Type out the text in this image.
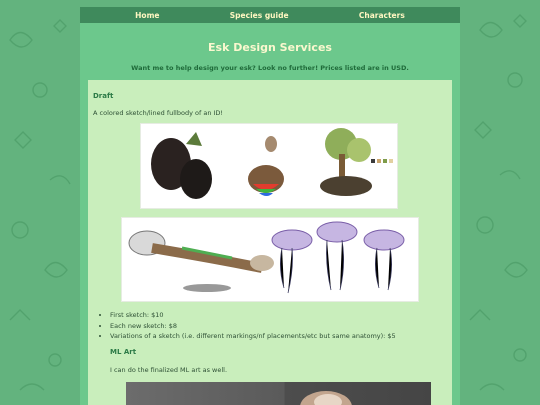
Home	Species guide	Characters
Esk Design Services
Want me to help design your esk? Look no further! Prices listed are in USD.
Draft
A colored sketch/lined fullbody of an ID!
• First sketch: $10
• Each new sketch: $8
• Variations of a sketch (i.e. different markings/nf placements/etc but same anatomy): $5
ML Art
I can do the finalized ML art as well.
